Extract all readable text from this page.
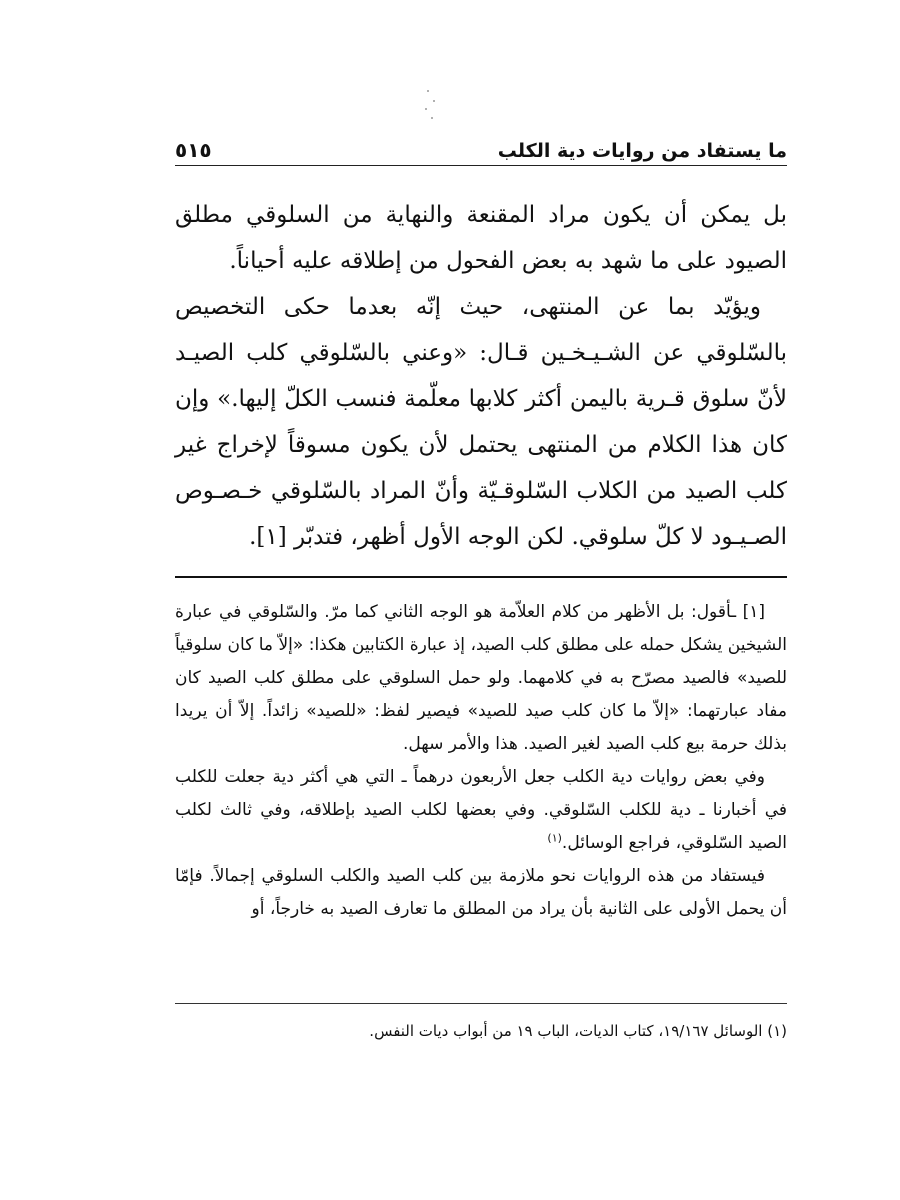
ما يستفاد من روايات دية الكلب
٥١٥

بل يمكن أن يكون مراد المقنعة والنهاية من السلوقي مطلق الصيود على ما شهد به بعض الفحول من إطلاقه عليه أحياناً.

ويؤيّد بما عن المنتهى، حيث إنّه بعدما حكى التخصيص بالسّلوقي عن الشـيـخـين قـال: «وعني بالسّلوقي كلب الصيـد لأنّ سلوق قـرية باليمن أكثر كلابها معلّمة فنسب الكلّ إليها.» وإن كان هذا الكلام من المنتهى يحتمل لأن يكون مسوقاً لإخراج غير كلب الصيد من الكلاب السّلوقـيّة وأنّ المراد بالسّلوقي خـصـوص الصـيـود لا كلّ سلوقي. لكن الوجه الأول أظهر، فتدبّر [١].

[١] ـأقول: بل الأظهر من كلام العلاّمة هو الوجه الثاني كما مرّ. والسّلوقي في عبارة الشيخين يشكل حمله على مطلق كلب الصيد، إذ عبارة الكتابين هكذا: «إلاّ ما كان سلوقياً للصيد» فالصيد مصرّح به في كلامهما. ولو حمل السلوقي على مطلق كلب الصيد كان مفاد عبارتهما: «إلاّ ما كان كلب صيد للصيد» فيصير لفظ: «للصيد» زائداً. إلاّ أن يريدا بذلك حرمة بيع كلب الصيد لغير الصيد. هذا والأمر سهل.

وفي بعض روايات دية الكلب جعل الأربعون درهماً ـ التي هي أكثر دية جعلت للكلب في أخبارنا ـ دية للكلب السّلوقي. وفي بعضها لكلب الصيد بإطلاقه، وفي ثالث لكلب الصيد السّلوقي، فراجع الوسائل.$^{(١)}$

فيستفاد من هذه الروايات نحو ملازمة بين كلب الصيد والكلب السلوقي إجمالاً. فإمّا أن يحمل الأولى على الثانية بأن يراد من المطلق ما تعارف الصيد به خارجاً، أو

(١) الوسائل ١٩/١٦٧، كتاب الديات، الباب ١٩ من أبواب ديات النفس.
